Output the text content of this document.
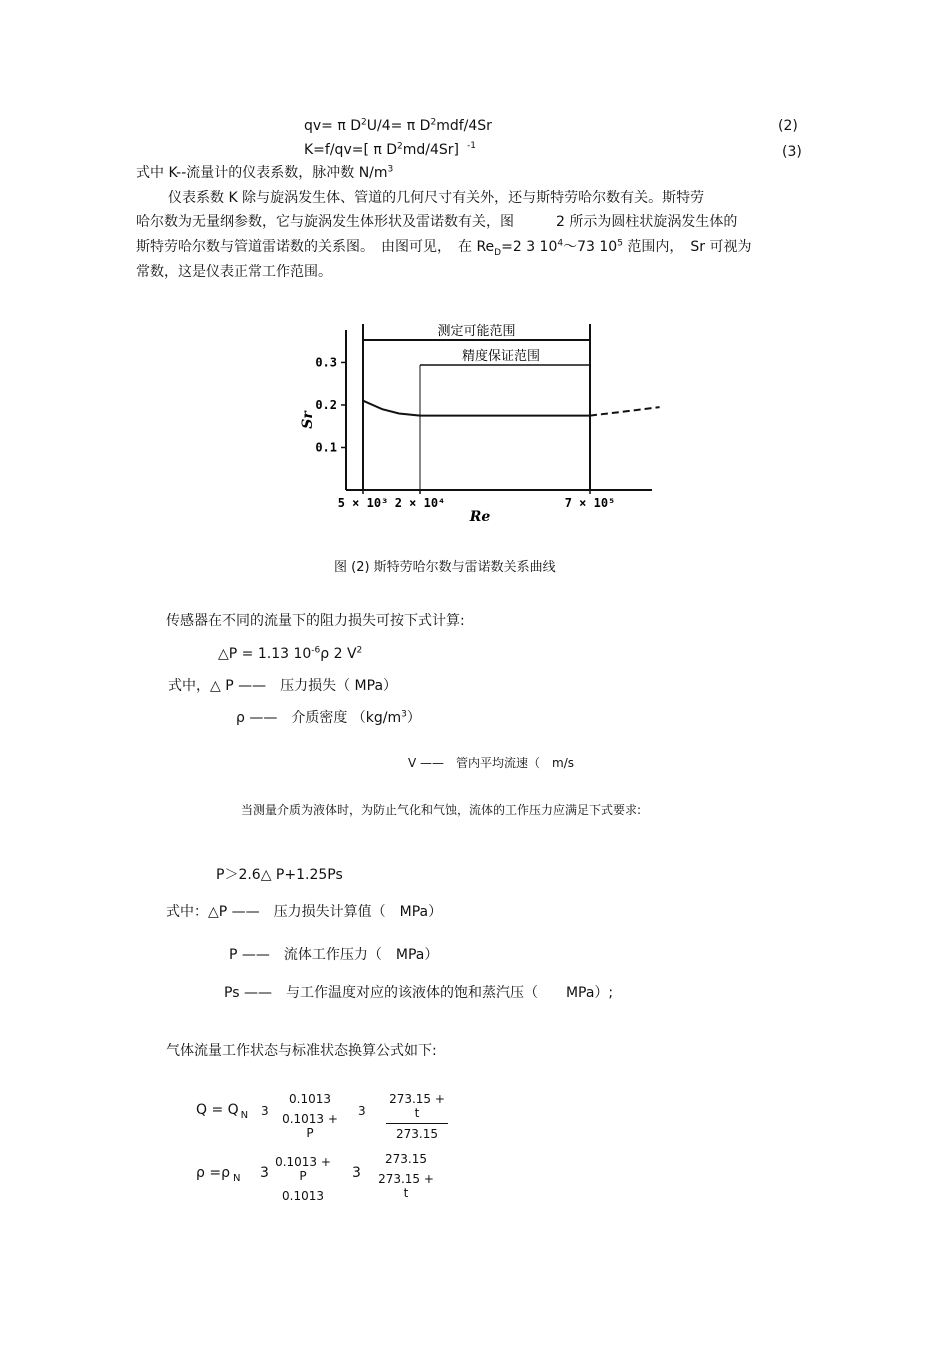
qv= π $D^2U/4= \pi$ $D^2mdf/4Sr$	(2)
K=f/qv=[ π $D^2md/4Sr$] $^{-1}$	(3)
式中 K--流量计的仪表系数，脉冲数 $N/m^3$
仪表系数 K 除与旋涡发生体、管道的几何尺寸有关外，还与斯特劳哈尔数有关。斯特劳
哈尔数为无量纲参数，它与旋涡发生体形状及雷诺数有关，图　　　2 所示为圆柱状旋涡发生体的
斯特劳哈尔数与管道雷诺数的关系图。　由图可见，　在 $Re_D=2$ 3 $10^4\sim 73$ $10^5$ 范围内，　Sr 可视为
常数，这是仪表正常工作范围。
0.1
0.2
0.3
5 × 10³ 2 × 10⁴	7 × 10⁵
测定可能范围
精度保证范围
Sr
Re
图 (2) 斯特劳哈尔数与雷诺数关系曲线
传感器在不同的流量下的阻力损失可按下式计算:
△P = 1.13 $10^{-6}\rho$ 2 $V^2$
式中，△ P ——　压力损失（ MPa）
ρ ——　介质密度 $(kg/m^3)$
V ——　管内平均流速（　m/s
当测量介质为液体时，为防止气化和气蚀，流体的工作压力应满足下式要求:
P＞2.6△ P+1.25Ps
式中：△P ——　压力损失计算值（　MPa）
P ——　流体工作压力（　MPa）
Ps ——　与工作温度对应的该液体的饱和蒸汽压（　　MPa）;
气体流量工作状态与标准状态换算公式如下:
Q = Q $_N$ 3
0.1013
0.1013 + P
$3 \frac{273.15 + t}{273.15}$
ρ =ρ $_N$ 3
0.1013 + P
0.1013
3
273.15
273.15 + t
